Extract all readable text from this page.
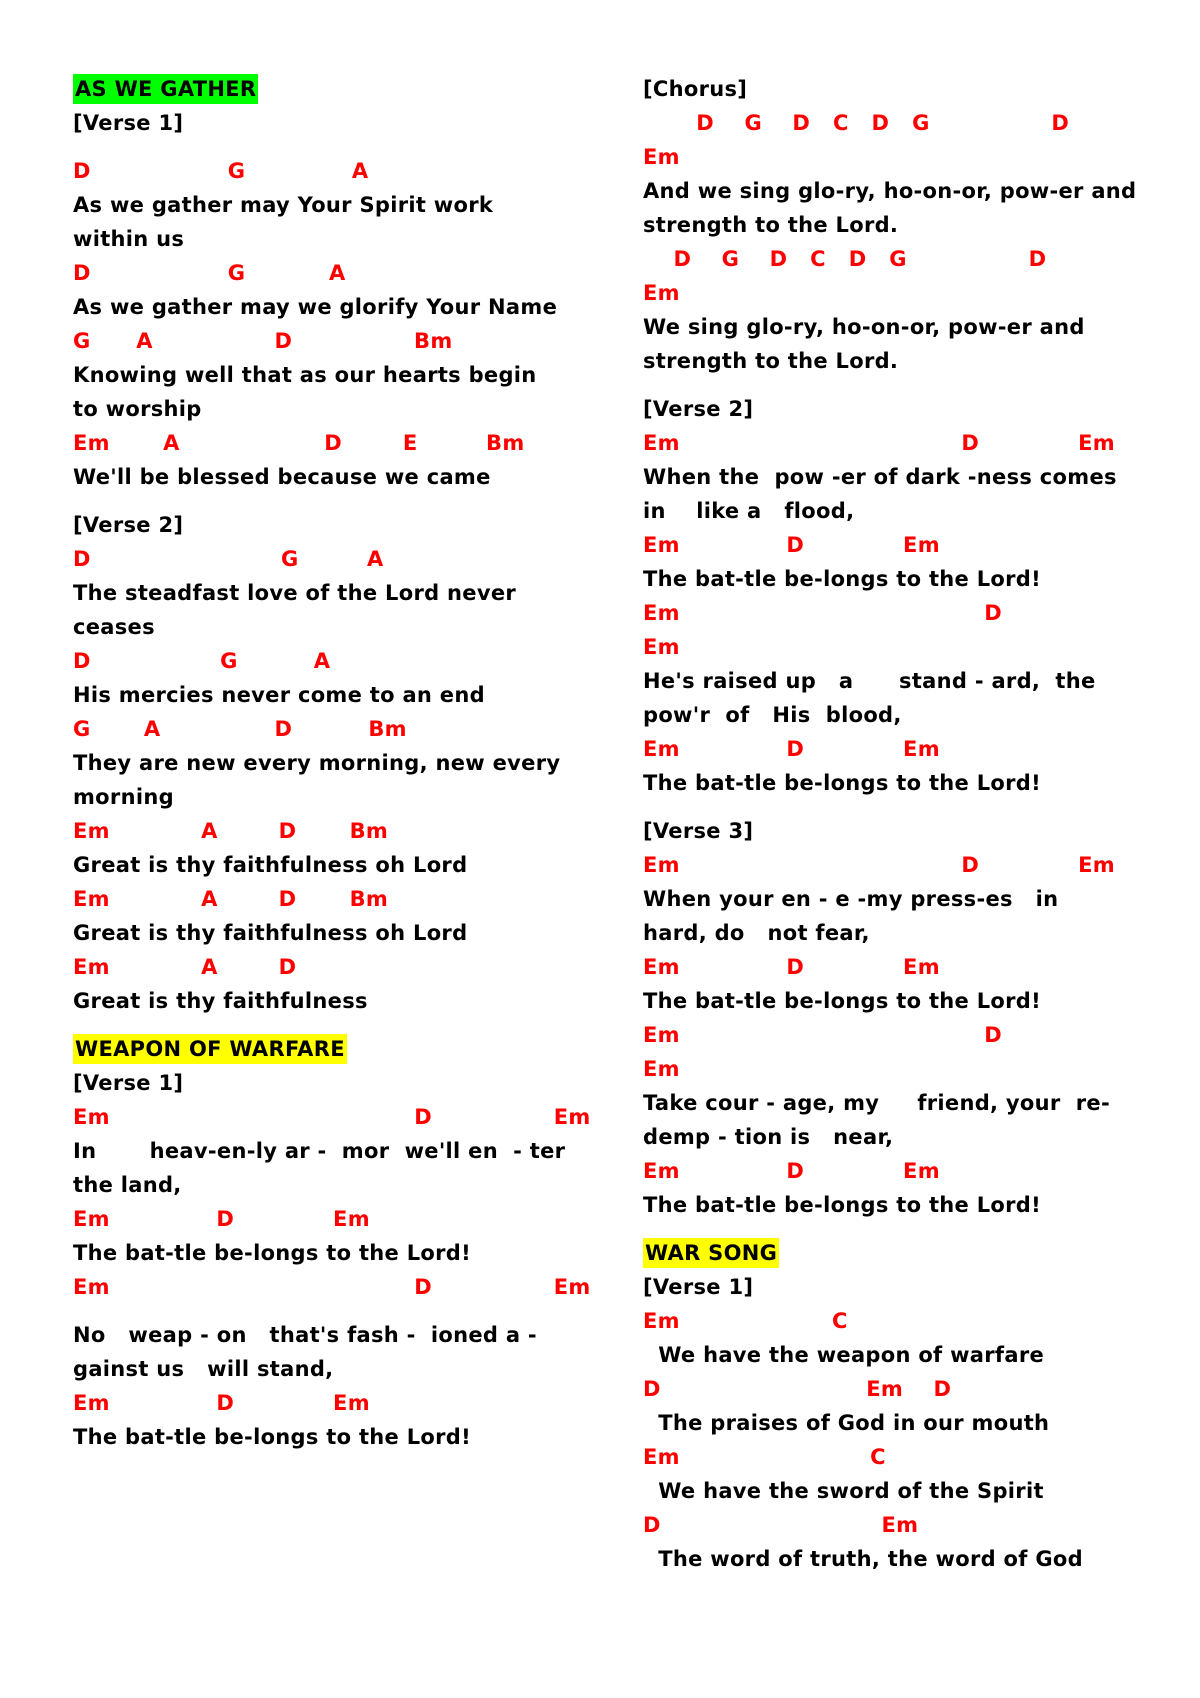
AS WE GATHER
[Verse 1]
D                  G              A
As we gather may Your Spirit work
within us
D                  G           A
As we gather may we glorify Your Name
G      A                D                Bm
Knowing well that as our hearts begin
to worship
Em       A                   D        E         Bm
We'll be blessed because we came
[Verse 2]
D                         G         A
The steadfast love of the Lord never
ceases
D                 G          A
His mercies never come to an end
G       A               D          Bm
They are new every morning, new every
morning
Em            A        D       Bm
Great is thy faithfulness oh Lord
Em            A        D       Bm
Great is thy faithfulness oh Lord
Em            A        D
Great is thy faithfulness
WEAPON OF WARFARE
[Verse 1]
Em                                        D                Em
In       heav-en-ly ar -  mor  we'll en  - ter
the land,
Em              D             Em
The bat-tle be-longs to the Lord!
Em                                        D                Em
No   weap - on   that's fash -  ioned a -
gainst us   will stand,
Em              D             Em
The bat-tle be-longs to the Lord!
[Chorus]
D    G    D   C   D   G                D
Em
And we sing glo-ry, ho-on-or, pow-er and
strength to the Lord.
D    G    D   C   D   G                D
Em
We sing glo-ry, ho-on-or, pow-er and
strength to the Lord.
[Verse 2]
Em                                     D             Em
When the  pow -er of dark -ness comes
in    like a   flood,
Em              D             Em
The bat-tle be-longs to the Lord!
Em                                        D
Em
He's raised up   a      stand - ard,  the
pow'r  of   His  blood,
Em              D             Em
The bat-tle be-longs to the Lord!
[Verse 3]
Em                                     D             Em
When your en - e -my press-es   in
hard, do   not fear,
Em              D             Em
The bat-tle be-longs to the Lord!
Em                                        D
Em
Take cour - age, my     friend, your  re-
demp - tion is   near,
Em              D             Em
The bat-tle be-longs to the Lord!
WAR SONG
[Verse 1]
Em                    C
We have the weapon of warfare
D                           Em    D
The praises of God in our mouth
Em                         C
We have the sword of the Spirit
D                             Em
The word of truth, the word of God
